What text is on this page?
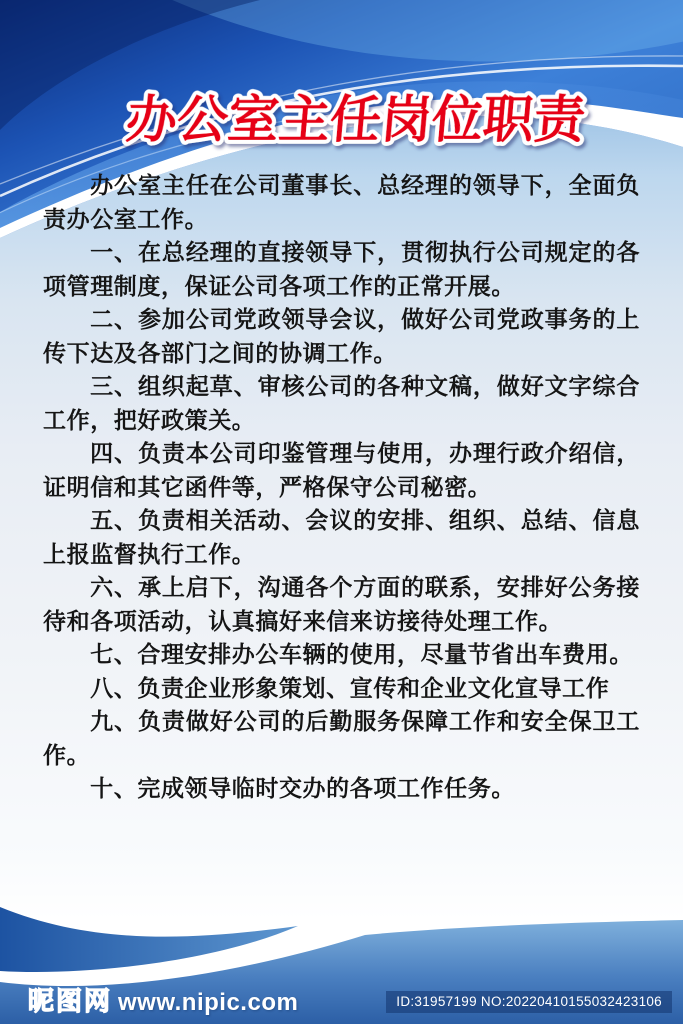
办公室主任岗位职责

办公室主任在公司董事长、总经理的领导下，全面负责办公室工作。

一、在总经理的直接领导下，贯彻执行公司规定的各项管理制度，保证公司各项工作的正常开展。

二、参加公司党政领导会议，做好公司党政事务的上传下达及各部门之间的协调工作。

三、组织起草、审核公司的各种文稿，做好文字综合工作，把好政策关。

四、负责本公司印鉴管理与使用，办理行政介绍信，证明信和其它函件等，严格保守公司秘密。

五、负责相关活动、会议的安排、组织、总结、信息上报监督执行工作。

六、承上启下，沟通各个方面的联系，安排好公务接待和各项活动，认真搞好来信来访接待处理工作。

七、合理安排办公车辆的使用，尽量节省出车费用。

八、负责企业形象策划、宣传和企业文化宣导工作

九、负责做好公司的后勤服务保障工作和安全保卫工作。

十、完成领导临时交办的各项工作任务。

昵图网 www.nipic.com	ID:31957199 NO:20220410155032423106
